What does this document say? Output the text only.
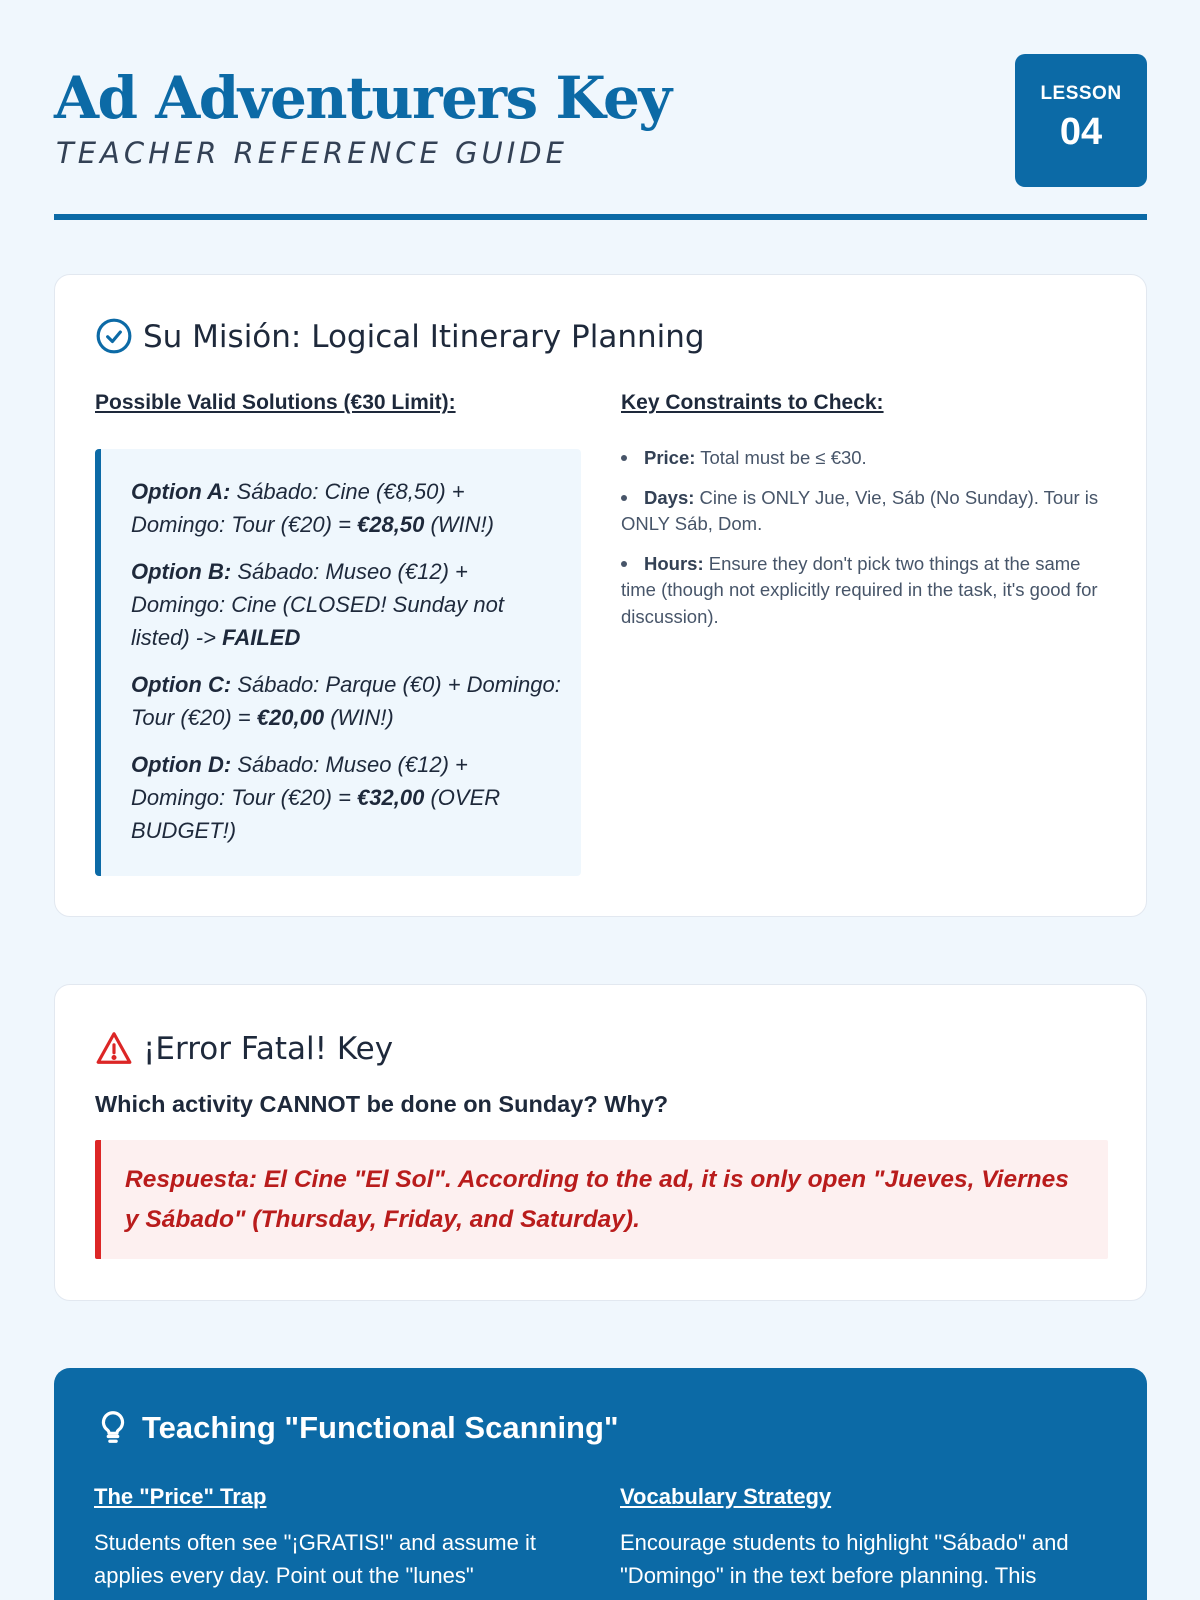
Ad Adventurers Key
TEACHER REFERENCE GUIDE
LESSON
04
Su Misión: Logical Itinerary Planning
Possible Valid Solutions (€30 Limit):	Key Constraints to Check:

Option A: Sábado: Cine (€8,50) + Domingo: Tour (€20) = €28,50 (WIN!)

Option B: Sábado: Museo (€12) + Domingo: Cine (CLOSED! Sunday not listed) -> FAILED

Option C: Sábado: Parque (€0) + Domingo: Tour (€20) = €20,00 (WIN!)

Option D: Sábado: Museo (€12) + Domingo: Tour (€20) = €32,00 (OVER BUDGET!)

Price: Total must be ≤ €30.
Days: Cine is ONLY Jue, Vie, Sáb (No Sunday). Tour is ONLY Sáb, Dom.
Hours: Ensure they don't pick two things at the same time (though not explicitly required in the task, it's good for discussion).
¡Error Fatal! Key
Which activity CANNOT be done on Sunday? Why?
Respuesta: El Cine "El Sol". According to the ad, it is only open "Jueves, Viernes y Sábado" (Thursday, Friday, and Saturday).
Teaching "Functional Scanning"
The "Price" Trap	Vocabulary Strategy
Students often see "¡GRATIS!" and assume it applies every day. Point out the "lunes"
Encourage students to highlight "Sábado" and "Domingo" in the text before planning. This
